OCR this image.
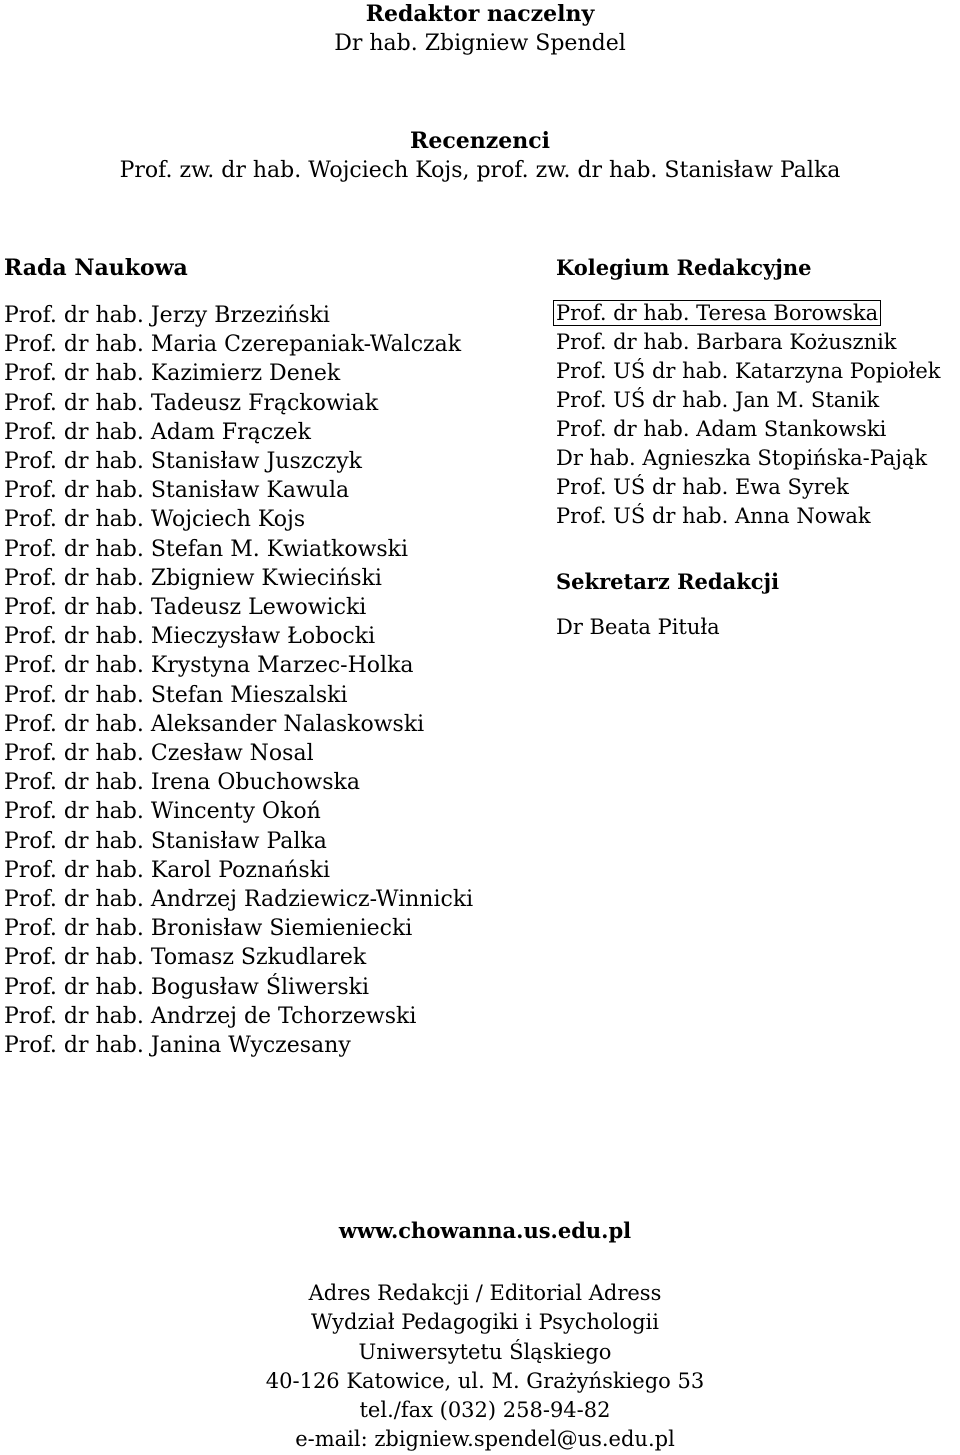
Redaktor naczelny
Dr hab. Zbigniew Spendel
Recenzenci
Prof. zw. dr hab. Wojciech Kojs, prof. zw. dr hab. Stanisław Palka
Rada Naukowa
Prof. dr hab. Jerzy Brzeziński
Prof. dr hab. Maria Czerepaniak-Walczak
Prof. dr hab. Kazimierz Denek
Prof. dr hab. Tadeusz Frąckowiak
Prof. dr hab. Adam Frączek
Prof. dr hab. Stanisław Juszczyk
Prof. dr hab. Stanisław Kawula
Prof. dr hab. Wojciech Kojs
Prof. dr hab. Stefan M. Kwiatkowski
Prof. dr hab. Zbigniew Kwieciński
Prof. dr hab. Tadeusz Lewowicki
Prof. dr hab. Mieczysław Łobocki
Prof. dr hab. Krystyna Marzec-Holka
Prof. dr hab. Stefan Mieszalski
Prof. dr hab. Aleksander Nalaskowski
Prof. dr hab. Czesław Nosal
Prof. dr hab. Irena Obuchowska
Prof. dr hab. Wincenty Okoń
Prof. dr hab. Stanisław Palka
Prof. dr hab. Karol Poznański
Prof. dr hab. Andrzej Radziewicz-Winnicki
Prof. dr hab. Bronisław Siemieniecki
Prof. dr hab. Tomasz Szkudlarek
Prof. dr hab. Bogusław Śliwerski
Prof. dr hab. Andrzej de Tchorzewski
Prof. dr hab. Janina Wyczesany
Kolegium Redakcyjne
Prof. dr hab. Teresa Borowska
Prof. dr hab. Barbara Kożusznik
Prof. UŚ dr hab. Katarzyna Popiołek
Prof. UŚ dr hab. Jan M. Stanik
Prof. dr hab. Adam Stankowski
Dr hab. Agnieszka Stopińska-Pająk
Prof. UŚ dr hab. Ewa Syrek
Prof. UŚ dr hab. Anna Nowak
Sekretarz Redakcji
Dr Beata Pituła
www.chowanna.us.edu.pl
Adres Redakcji / Editorial Adress
Wydział Pedagogiki i Psychologii
Uniwersytetu Śląskiego
40-126 Katowice, ul. M. Grażyńskiego 53
tel./fax (032) 258-94-82
e-mail: zbigniew.spendel@us.edu.pl
